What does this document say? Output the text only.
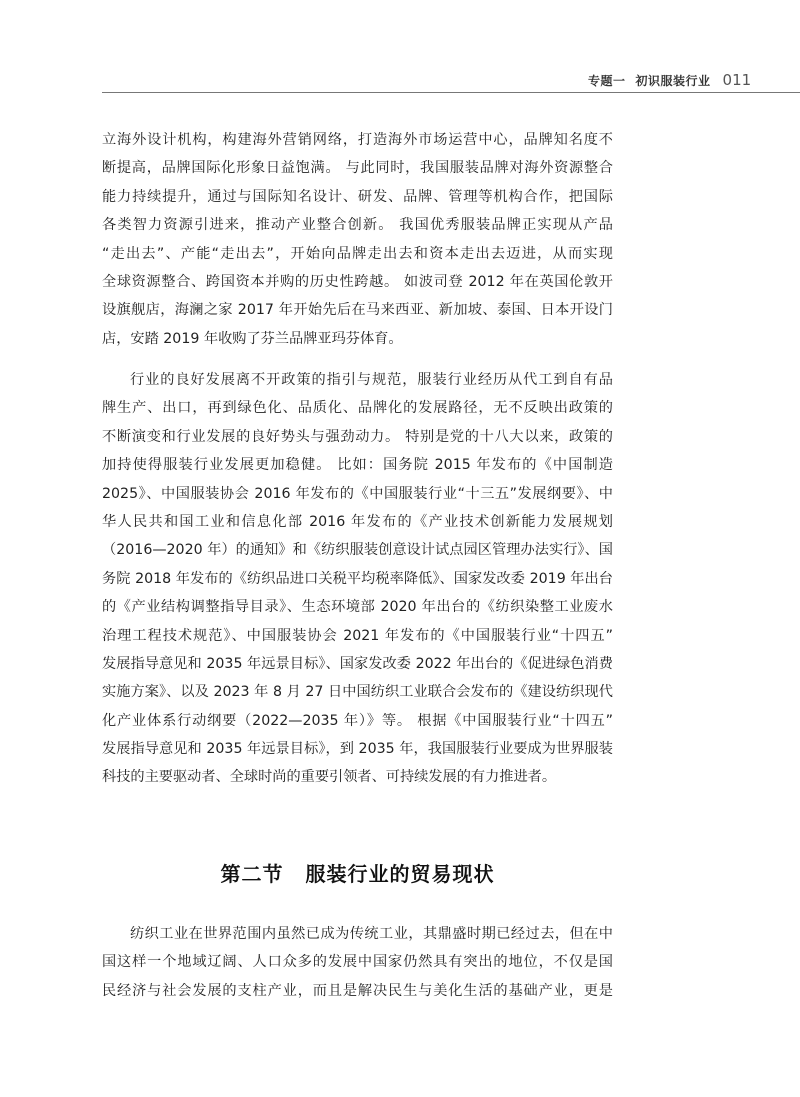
专题一 初识服装行业 011
立海外设计机构，构建海外营销网络，打造海外市场运营中心，品牌知名度不
断提高，品牌国际化形象日益饱满。 与此同时，我国服装品牌对海外资源整合
能力持续提升，通过与国际知名设计、研发、品牌、管理等机构合作，把国际
各类智力资源引进来，推动产业整合创新。 我国优秀服装品牌正实现从产品
“走出去”、产能“走出去”，开始向品牌走出去和资本走出去迈进，从而实现
全球资源整合、跨国资本并购的历史性跨越。 如波司登 2012 年在英国伦敦开
设旗舰店，海澜之家 2017 年开始先后在马来西亚、新加坡、泰国、日本开设门
店，安踏 2019 年收购了芬兰品牌亚玛芬体育。
行业的良好发展离不开政策的指引与规范，服装行业经历从代工到自有品
牌生产、出口，再到绿色化、品质化、品牌化的发展路径，无不反映出政策的
不断演变和行业发展的良好势头与强劲动力。 特别是党的十八大以来，政策的
加持使得服装行业发展更加稳健。 比如：国务院 2015 年发布的《中国制造
2025》、中国服装协会 2016 年发布的《中国服装行业“十三五”发展纲要》、中
华人民共和国工业和信息化部 2016 年发布的《产业技术创新能力发展规划
（2016—2020 年）的通知》和《纺织服装创意设计试点园区管理办法实行》、国
务院 2018 年发布的《纺织品进口关税平均税率降低》、国家发改委 2019 年出台
的《产业结构调整指导目录》、生态环境部 2020 年出台的《纺织染整工业废水
治理工程技术规范》、中国服装协会 2021 年发布的《中国服装行业“十四五”
发展指导意见和 2035 年远景目标》、国家发改委 2022 年出台的《促进绿色消费
实施方案》、以及 2023 年 8 月 27 日中国纺织工业联合会发布的《建设纺织现代
化产业体系行动纲要（2022—2035 年）》等。 根据《中国服装行业“十四五”
发展指导意见和 2035 年远景目标》，到 2035 年，我国服装行业要成为世界服装
科技的主要驱动者、全球时尚的重要引领者、可持续发展的有力推进者。
第二节 服装行业的贸易现状
纺织工业在世界范围内虽然已成为传统工业，其鼎盛时期已经过去，但在中
国这样一个地域辽阔、人口众多的发展中国家仍然具有突出的地位，不仅是国
民经济与社会发展的支柱产业，而且是解决民生与美化生活的基础产业，更是
